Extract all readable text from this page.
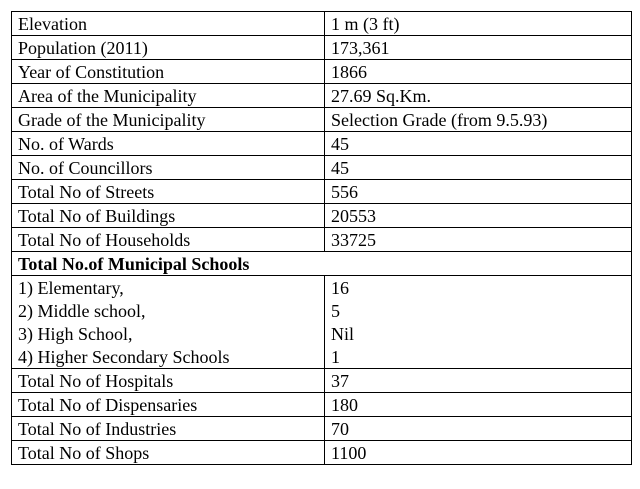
Elevation	1 m (3 ft)
Population (2011)	173,361
Year of Constitution	1866
Area of the Municipality	27.69 Sq.Km.
Grade of the Municipality	Selection Grade (from 9.5.93)
No. of Wards	45
No. of Councillors	45
Total No of Streets	556
Total No of Buildings	20553
Total No of Households	33725
Total No.of Municipal Schools	
1) Elementary,	16
2) Middle school,	5
3) High School,	Nil
4) Higher Secondary Schools	1
Total No of Hospitals	37
Total No of Dispensaries	180
Total No of Industries	70
Total No of Shops	1100
